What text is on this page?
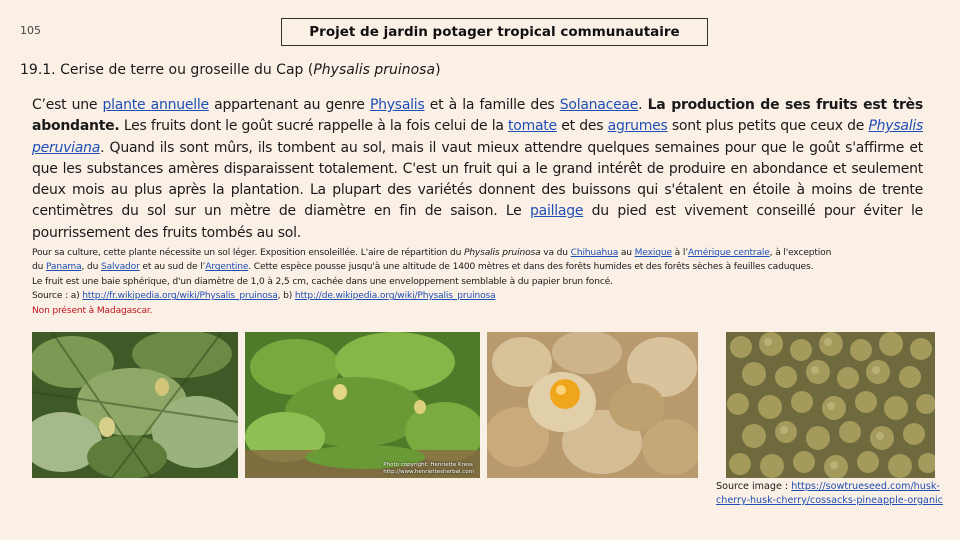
105	Projet de jardin potager tropical communautaire
19.1. Cerise de terre ou groseille du Cap (Physalis pruinosa)
C’est une plante annuelle appartenant au genre Physalis et à la famille des Solanaceae. La production de ses fruits est très abondante. Les fruits dont le goût sucré rappelle à la fois celui de la tomate et des agrumes sont plus petits que ceux de Physalis peruviana. Quand ils sont mûrs, ils tombent au sol, mais il vaut mieux attendre quelques semaines pour que le goût s'affirme et que les substances amères disparaissent totalement. C'est un fruit qui a le grand intérêt de produire en abondance et seulement deux mois au plus après la plantation. La plupart des variétés donnent des buissons qui s'étalent en étoile à moins de trente centimètres du sol sur un mètre de diamètre en fin de saison. Le paillage du pied est vivement conseillé pour éviter le pourrissement des fruits tombés au sol.
Pour sa culture, cette plante nécessite un sol léger. Exposition ensoleillée. L'aire de répartition du Physalis pruinosa va du Chihuahua au Mexique à l’Amérique centrale, à l'exception
du Panama, du Salvador et au sud de l’Argentine. Cette espèce pousse jusqu'à une altitude de 1400 mètres et dans des forêts humides et des forêts sèches à feuilles caduques.
Le fruit est une baie sphérique, d'un diamètre de 1,0 à 2,5 cm, cachée dans une enveloppement semblable à du papier brun foncé.
Source : a) http://fr.wikipedia.org/wiki/Physalis_pruinosa, b) http://de.wikipedia.org/wiki/Physalis_pruinosa
Non présent à Madagascar.
Photo copyright: Henriette Kress
http://www.henriettesherbal.com
Source image : https://sowtrueseed.com/husk-cherry-husk-cherry/cossacks-pineapple-organic
